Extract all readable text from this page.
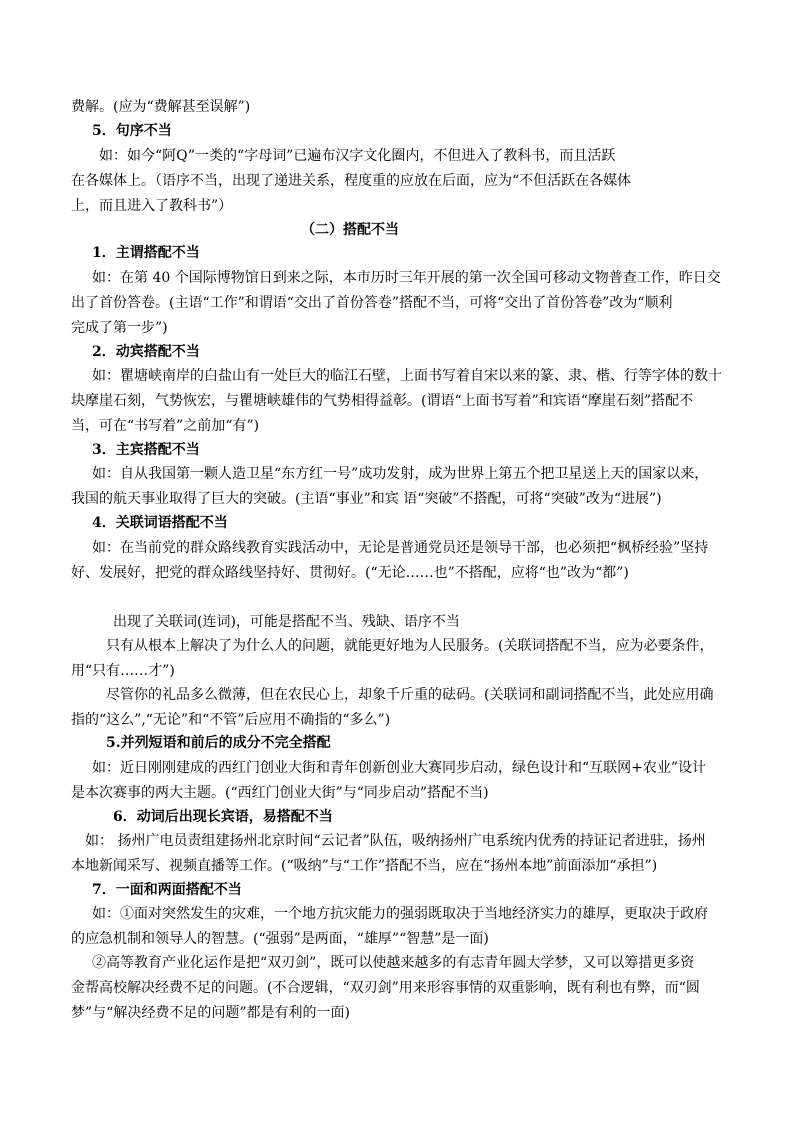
费解。(应为“费解甚至误解”)
5．句序不当
如：如今“阿Q”一类的“字母词”已遍布汉字文化圈内，不但进入了教科书，而且活跃
在各媒体上。（语序不当，出现了递进关系，程度重的应放在后面，应为“不但活跃在各媒体
上，而且进入了教科书”）
（二）搭配不当
1．主谓搭配不当
如：在第 40 个国际博物馆日到来之际，本市历时三年开展的第一次全国可移动文物普查工作，昨日交
出了首份答卷。(主语“工作”和谓语“交出了首份答卷”搭配不当，可将“交出了首份答卷”改为“顺利
完成了第一步”)
2．动宾搭配不当
如：瞿塘峡南岸的白盐山有一处巨大的临江石壁，上面书写着自宋以来的篆、隶、楷、行等字体的数十
块摩崖石刻，气势恢宏，与瞿塘峡雄伟的气势相得益彰。(谓语“上面书写着”和宾语“摩崖石刻”搭配不
当，可在“书写着”之前加“有”)
3．主宾搭配不当
如：自从我国第一颗人造卫星“东方红一号”成功发射，成为世界上第五个把卫星送上天的国家以来，
我国的航天事业取得了巨大的突破。(主语“事业”和宾 语“突破”不搭配，可将“突破”改为“进展”)
4．关联词语搭配不当
如：在当前党的群众路线教育实践活动中，无论是普通党员还是领导干部，也必须把“枫桥经验”坚持
好、发展好，把党的群众路线坚持好、贯彻好。(“无论……也”不搭配，应将“也”改为“都”)
出现了关联词(连词)，可能是搭配不当、残缺、语序不当
只有从根本上解决了为什么人的问题，就能更好地为人民服务。(关联词搭配不当，应为必要条件，
用“只有……才”)
尽管你的礼品多么微薄，但在农民心上，却象千斤重的砝码。(关联词和副词搭配不当，此处应用确
指的“这么”,“无论”和“不管”后应用不确指的“多么”)
5.并列短语和前后的成分不完全搭配
如：近日刚刚建成的西红门创业大街和青年创新创业大赛同步启动，绿色设计和“互联网+农业”设计
是本次赛事的两大主题。(“西红门创业大街”与“同步启动”搭配不当)
6．动词后出现长宾语，易搭配不当
如： 扬州广电员责组建扬州北京时间“云记者”队伍，吸纳扬州广电系统内优秀的持证记者进驻，扬州
本地新闻采写、视频直播等工作。(“吸纳”与“工作”搭配不当，应在“扬州本地”前面添加“承担”)
7．一面和两面搭配不当
如：①面对突然发生的灾难，一个地方抗灾能力的强弱既取决于当地经济实力的雄厚，更取决于政府
的应急机制和领导人的智慧。(“强弱”是两面，“雄厚”“智慧”是一面)
②高等教育产业化运作是把“双刃剑”，既可以使越来越多的有志青年圆大学梦，又可以筹措更多资
金帮高校解决经费不足的问题。(不合逻辑，“双刃剑”用来形容事情的双重影响，既有利也有弊，而“圆
梦”与“解决经费不足的问题”都是有利的一面)
